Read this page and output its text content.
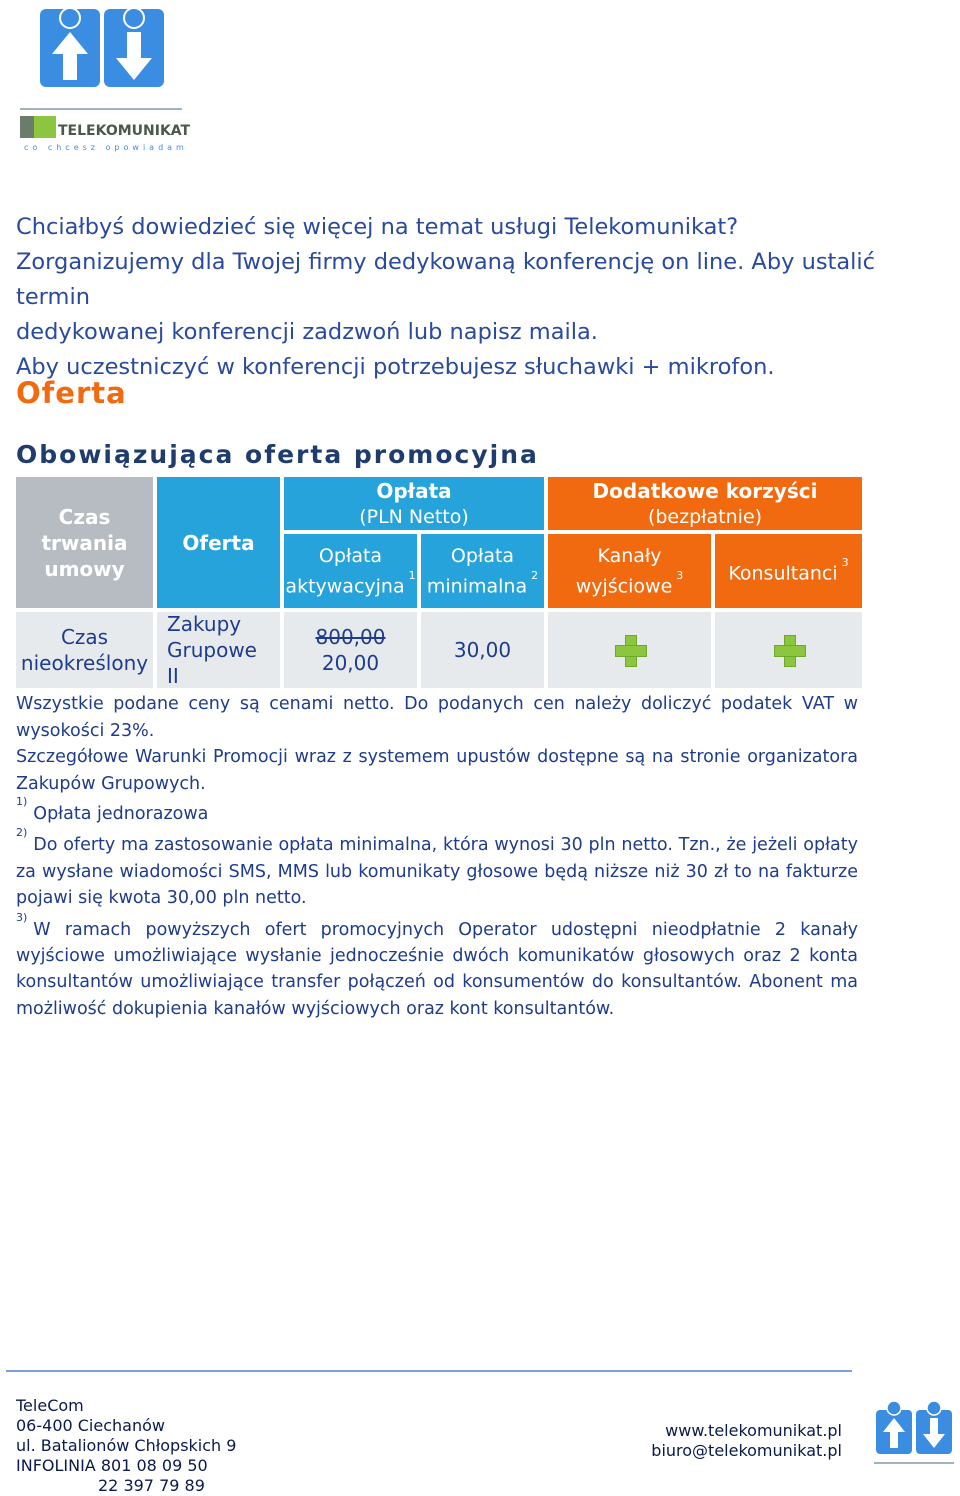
TELEKOMUNIKAT
co chcesz opowiadam

Chciałbyś dowiedzieć się więcej na temat usługi Telekomunikat?

Zorganizujemy dla Twojej firmy dedykowaną konferencję on line. Aby ustalić termin

dedykowanej konferencji zadzwoń lub napisz maila.

Aby uczestniczyć w konferencji potrzebujesz słuchawki + mikrofon.

Oferta
Obowiązująca oferta promocyjna
Czas trwania umowy
Oferta
Opłata
(PLN Netto)
Opłata aktywacyjna $^1$
Opłata minimalna $^2$
Dodatkowe korzyści
(bezpłatnie)
Kanały wyjściowe $^3$	Konsultanci $^3$
Czas nieokreślony
Zakupy Grupowe II
800,00
20,00
30,00

Wszystkie podane ceny są cenami netto. Do podanych cen należy doliczyć podatek VAT w wysokości 23%.

Szczegółowe Warunki Promocji wraz z systemem upustów dostępne są na stronie organizatora Zakupów Grupowych.

$^{1)}$Opłata jednorazowa

$^{2)}$Do oferty ma zastosowanie opłata minimalna, która wynosi 30 pln netto. Tzn., że jeżeli opłaty za wysłane wiadomości SMS, MMS lub komunikaty głosowe będą niższe niż 30 zł to na fakturze pojawi się kwota 30,00 pln netto.

$^{3)}$W ramach powyższych ofert promocyjnych Operator udostępni nieodpłatnie 2 kanały wyjściowe umożliwiające wysłanie jednocześnie dwóch komunikatów głosowych oraz 2 konta konsultantów umożliwiające transfer połączeń od konsumentów do konsultantów. Abonent ma możliwość dokupienia kanałów wyjściowych oraz kont konsultantów.

TeleCom
06-400 Ciechanów
ul. Batalionów Chłopskich 9
INFOLINIA 801 08 09 50
22 397 79 89
www.telekomunikat.pl
biuro@telekomunikat.pl
